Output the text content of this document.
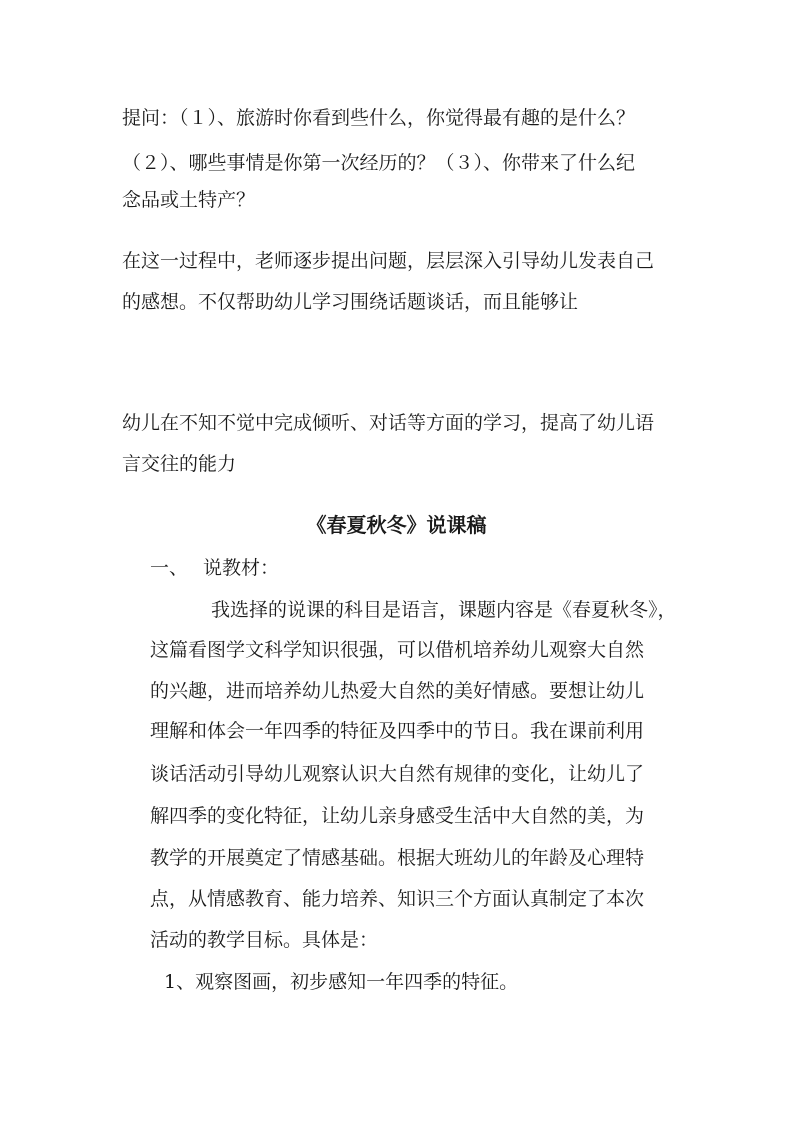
提问：（１）、旅游时你看到些什么，你觉得最有趣的是什么？
（２）、哪些事情是你第一次经历的？（３）、你带来了什么纪
念品或土特产？
在这一过程中，老师逐步提出问题，层层深入引导幼儿发表自己
的感想。不仅帮助幼儿学习围绕话题谈话，而且能够让
幼儿在不知不觉中完成倾听、对话等方面的学习，提高了幼儿语
言交往的能力
《春夏秋冬》说课稿
一、 说教材：
我选择的说课的科目是语言，课题内容是《春夏秋冬》，
这篇看图学文科学知识很强，可以借机培养幼儿观察大自然
的兴趣，进而培养幼儿热爱大自然的美好情感。要想让幼儿
理解和体会一年四季的特征及四季中的节日。我在课前利用
谈话活动引导幼儿观察认识大自然有规律的变化，让幼儿了
解四季的变化特征，让幼儿亲身感受生活中大自然的美，为
教学的开展奠定了情感基础。根据大班幼儿的年龄及心理特
点，从情感教育、能力培养、知识三个方面认真制定了本次
活动的教学目标。具体是：
1、观察图画，初步感知一年四季的特征。
